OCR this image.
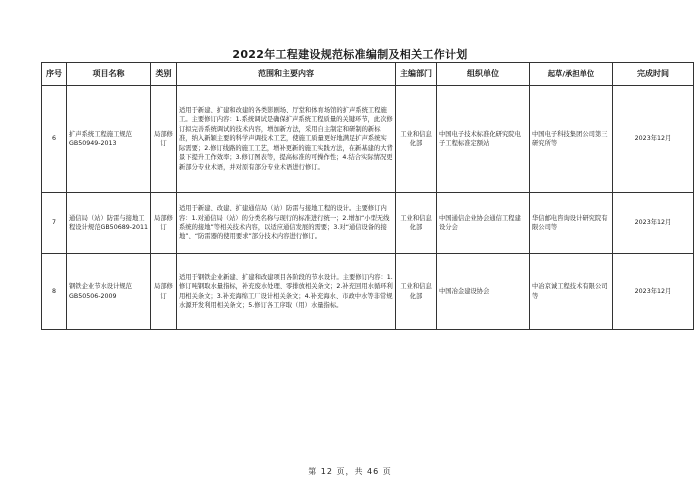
2022年工程建设规范标准编制及相关工作计划
序号	项目名称	类别	范围和主要内容	主编部门	组织单位	起草/承担单位	完成时间
6	扩声系统工程施工规范GB50949-2013	局部修订	适用于新建、扩建和改建的各类影剧场、厅堂和体育场馆的扩声系统工程施工。主要修订内容：1.系统调试是确保扩声系统工程质量的关键环节，此次修订拟完善系统调试的技术内容，增加新方法，采用自主制定和研制的新标准，纳入新颖主要的科学声调技术工艺，使施工质量更好地满足扩声系统实际需要；2.修订线路的施工工艺，增补更新的施工实践方法，在新基建的大背景下提升工作效率；3.修订图表等，提高标准的可操作性；4.结合实际情况更新部分专业术语，并对原有部分专业术语进行修订。	工业和信息化部	中国电子技术标准化研究院电子工程标准定额站	中国电子科技集团公司第三研究所等	2023年12月
7	通信局（站）防雷与接地工程设计规范GB50689-2011	局部修订	适用于新建、改建、扩建通信局（站）防雷与接地工程的设计。主要修订内容：1.对通信局（站）的分类名称与现行的标准进行统一；2.增加“小型无线系统的接地”等相关技术内容，以适应通信发展的需要；3.对“通信设备的接地”、“防雷器的使用要求”部分技术内容进行修订。	工业和信息化部	中国通信企业协会通信工程建设分会	华信邮电咨询设计研究院有限公司等	2023年12月
8	钢铁企业节水设计规范GB50506-2009	局部修订	适用于钢铁企业新建、扩建和改建项目各阶段的节水设计。主要修订内容：1.修订吨钢取水量指标，补充废水处理、零排放相关条文；2.补充回用水循环利用相关条文；3.补充海绵工厂设计相关条文；4.补充海水、市政中水等非常规水源开发利用相关条文；5.修订各工序取（用）水量指标。	工业和信息化部	中国冶金建设协会	中冶京诚工程技术有限公司等	2023年12月
第 12 页，共 46 页
